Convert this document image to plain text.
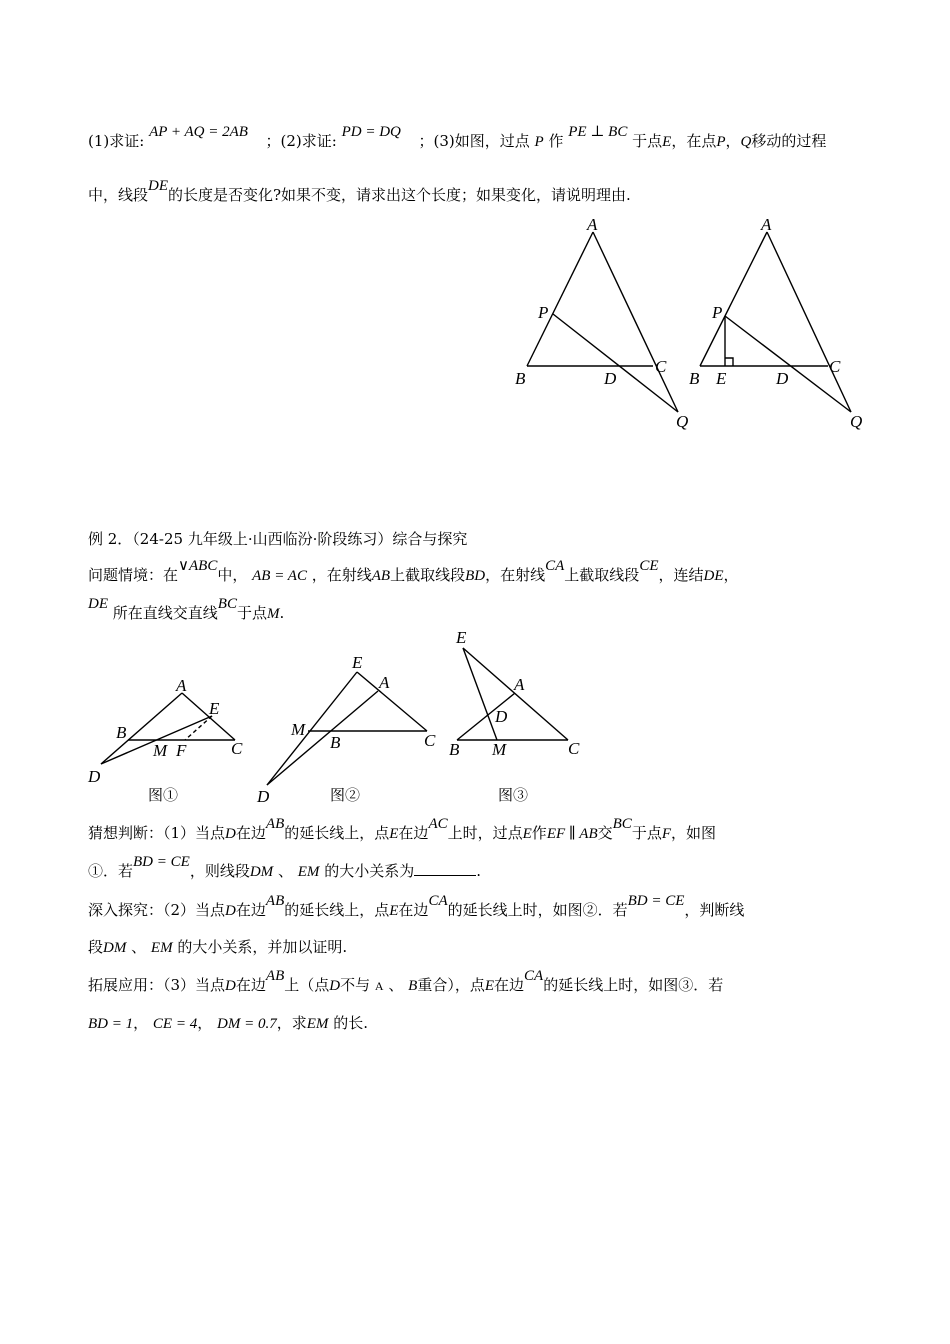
(1)求证: AP + AQ = 2AB ；(2)求证: PD = DQ ；(3)如图，过点 P 作 PE ⊥ BC 于点E，在点P，Q移动的过程
中，线段DE的长度是否变化?如果不变，请求出这个长度；如果变化，请说明理由.
A
P
B	D
C
Q
A
P
B E	D
C
Q
例 2．（24-25 九年级上·山西临汾·阶段练习）综合与探究
问题情境：在∨ABC中， AB = AC ，在射线AB上截取线段BD，在射线CA上截取线段CE，连结DE，
DE 所在直线交直线BC于点M.
A
E
B
M F	C
D
图①
E
A
M
B	C
D	图②
E
A
D
B M	C
图③
猜想判断：（1）当点D在边AB的延长线上，点E在边AC上时，过点E作EF ∥ AB交BC于点F，如图
①．若BD = CE，则线段DM 、 EM 的大小关系为	.
深入探究：（2）当点D在边AB的延长线上，点E在边CA的延长线上时，如图②．若BD = CE，判断线
段DM 、 EM 的大小关系，并加以证明.
拓展应用：（3）当点D在边AB上（点D不与 A 、 B重合），点E在边CA的延长线上时，如图③．若
BD = 1， CE = 4， DM = 0.7，求EM 的长.
